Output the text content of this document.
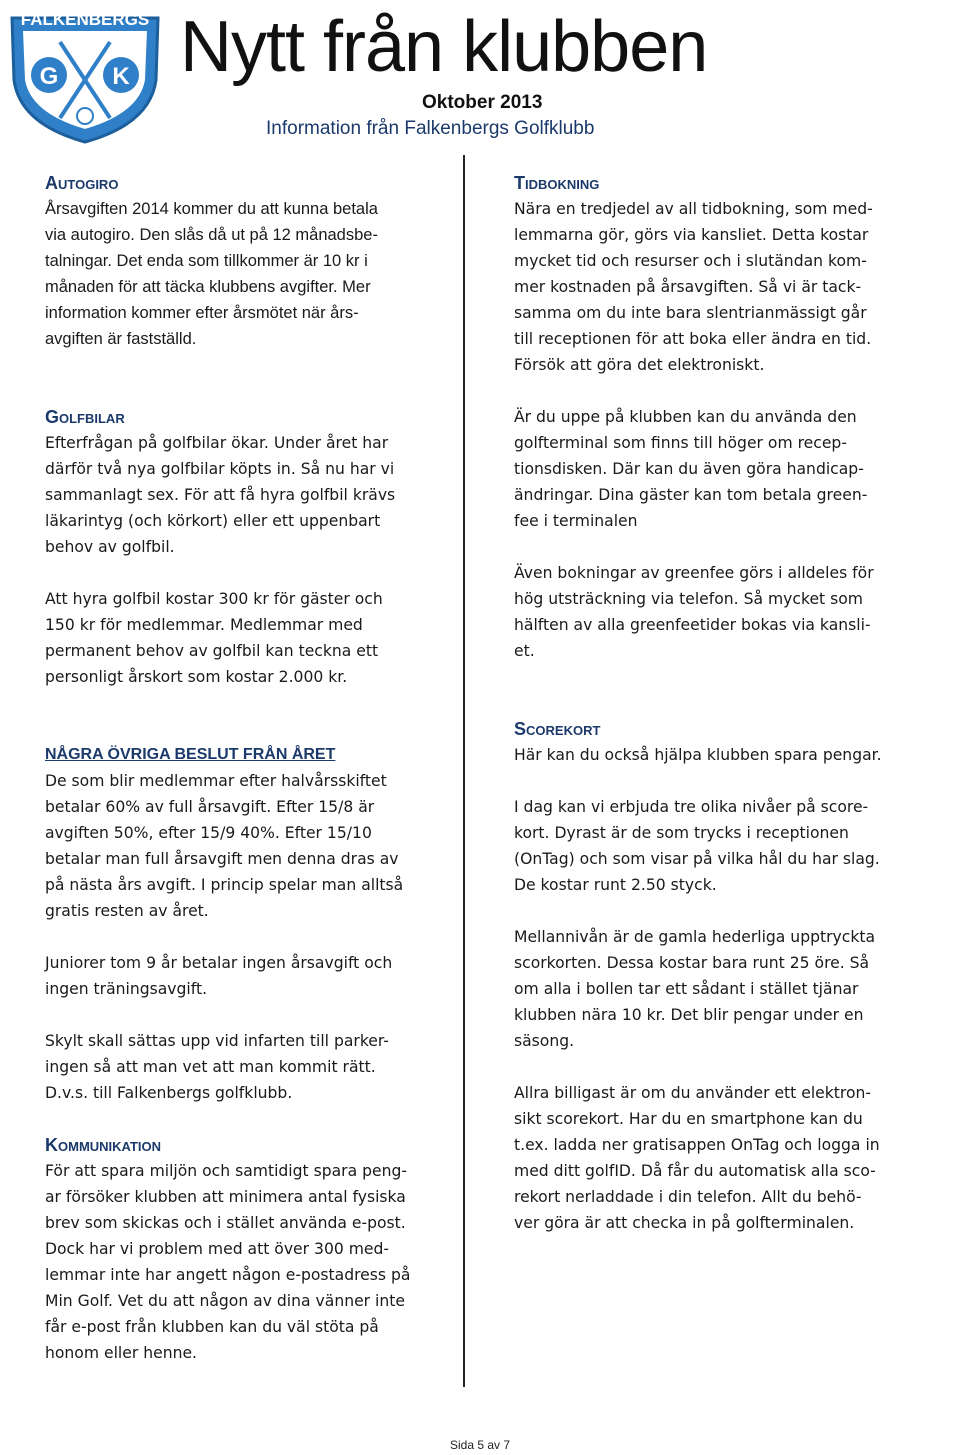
FALKENBERGS
G K Nytt från klubben
Oktober 2013
Information från Falkenbergs Golfklubb
Autogiro

Årsavgiften 2014 kommer du att kunna betala

via autogiro. Den slås då ut på 12 månadsbe-

talningar. Det enda som tillkommer är 10 kr i

månaden för att täcka klubbens avgifter. Mer

information kommer efter årsmötet när års-

avgiften är fastställd.

Golfbilar

Efterfrågan på golfbilar ökar. Under året har

därför två nya golfbilar köpts in. Så nu har vi

sammanlagt sex. För att få hyra golfbil krävs

läkarintyg (och körkort) eller ett uppenbart

behov av golfbil.

Att hyra golfbil kostar 300 kr för gäster och

150 kr för medlemmar. Medlemmar med

permanent behov av golfbil kan teckna ett

personligt årskort som kostar 2.000 kr.

NÅGRA ÖVRIGA BESLUT FRÅN ÅRET

De som blir medlemmar efter halvårsskiftet

betalar 60% av full årsavgift. Efter 15/8 är

avgiften 50%, efter 15/9 40%. Efter 15/10

betalar man full årsavgift men denna dras av

på nästa års avgift. I princip spelar man alltså

gratis resten av året.

Juniorer tom 9 år betalar ingen årsavgift och

ingen träningsavgift.

Skylt skall sättas upp vid infarten till parker-

ingen så att man vet att man kommit rätt.

D.v.s. till Falkenbergs golfklubb.

Kommunikation

För att spara miljön och samtidigt spara peng-

ar försöker klubben att minimera antal fysiska

brev som skickas och i stället använda e-post.

Dock har vi problem med att över 300 med-

lemmar inte har angett någon e-postadress på

Min Golf. Vet du att någon av dina vänner inte

får e-post från klubben kan du väl stöta på

honom eller henne.

Tidbokning

Nära en tredjedel av all tidbokning, som med-

lemmarna gör, görs via kansliet. Detta kostar

mycket tid och resurser och i slutändan kom-

mer kostnaden på årsavgiften. Så vi är tack-

samma om du inte bara slentrianmässigt går

till receptionen för att boka eller ändra en tid.

Försök att göra det elektroniskt.

Är du uppe på klubben kan du använda den

golfterminal som finns till höger om recep-

tionsdisken. Där kan du även göra handicap-

ändringar. Dina gäster kan tom betala green-

fee i terminalen

Även bokningar av greenfee görs i alldeles för

hög utsträckning via telefon. Så mycket som

hälften av alla greenfeetider bokas via kansli-

et.

Scorekort

Här kan du också hjälpa klubben spara pengar.

I dag kan vi erbjuda tre olika nivåer på score-

kort. Dyrast är de som trycks i receptionen

(OnTag) och som visar på vilka hål du har slag.

De kostar runt 2.50 styck.

Mellannivån är de gamla hederliga upptryckta

scorkorten. Dessa kostar bara runt 25 öre. Så

om alla i bollen tar ett sådant i stället tjänar

klubben nära 10 kr. Det blir pengar under en

säsong.

Allra billigast är om du använder ett elektron-

sikt scorekort. Har du en smartphone kan du

t.ex. ladda ner gratisappen OnTag och logga in

med ditt golfID. Då får du automatisk alla sco-

rekort nerladdade i din telefon. Allt du behö-

ver göra är att checka in på golfterminalen.

Sida 5 av 7
